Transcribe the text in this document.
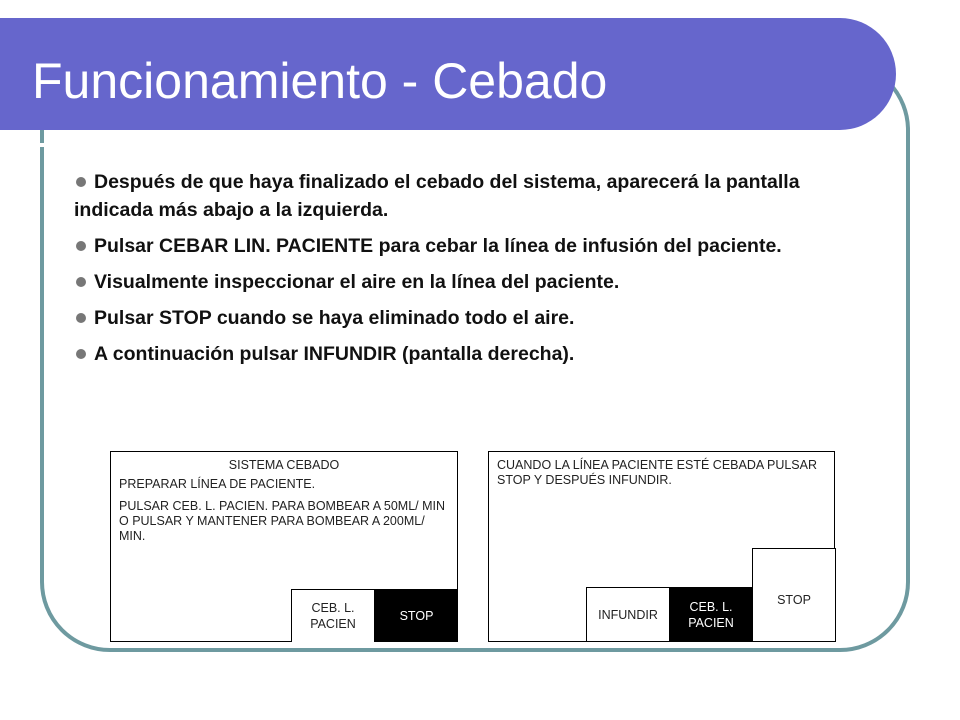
Funcionamiento - Cebado
Después de que haya finalizado el cebado del sistema, aparecerá la pantalla indicada más abajo a la izquierda.
Pulsar CEBAR LIN. PACIENTE para cebar la línea de infusión del paciente.
Visualmente inspeccionar el aire en la línea del paciente.
Pulsar STOP cuando se haya eliminado todo el aire.
A continuación pulsar INFUNDIR (pantalla derecha).

SISTEMA CEBADO

PREPARAR LÍNEA DE PACIENTE.

PULSAR CEB. L. PACIEN. PARA BOMBEAR A 50ML/ MIN O PULSAR Y MANTENER PARA BOMBEAR A 200ML/ MIN.

CEB. L.
PACIEN
STOP

CUANDO LA LÍNEA PACIENTE ESTÉ CEBADA PULSAR STOP Y DESPUÉS INFUNDIR.

INFUNDIR
CEB. L.
PACIEN
STOP
